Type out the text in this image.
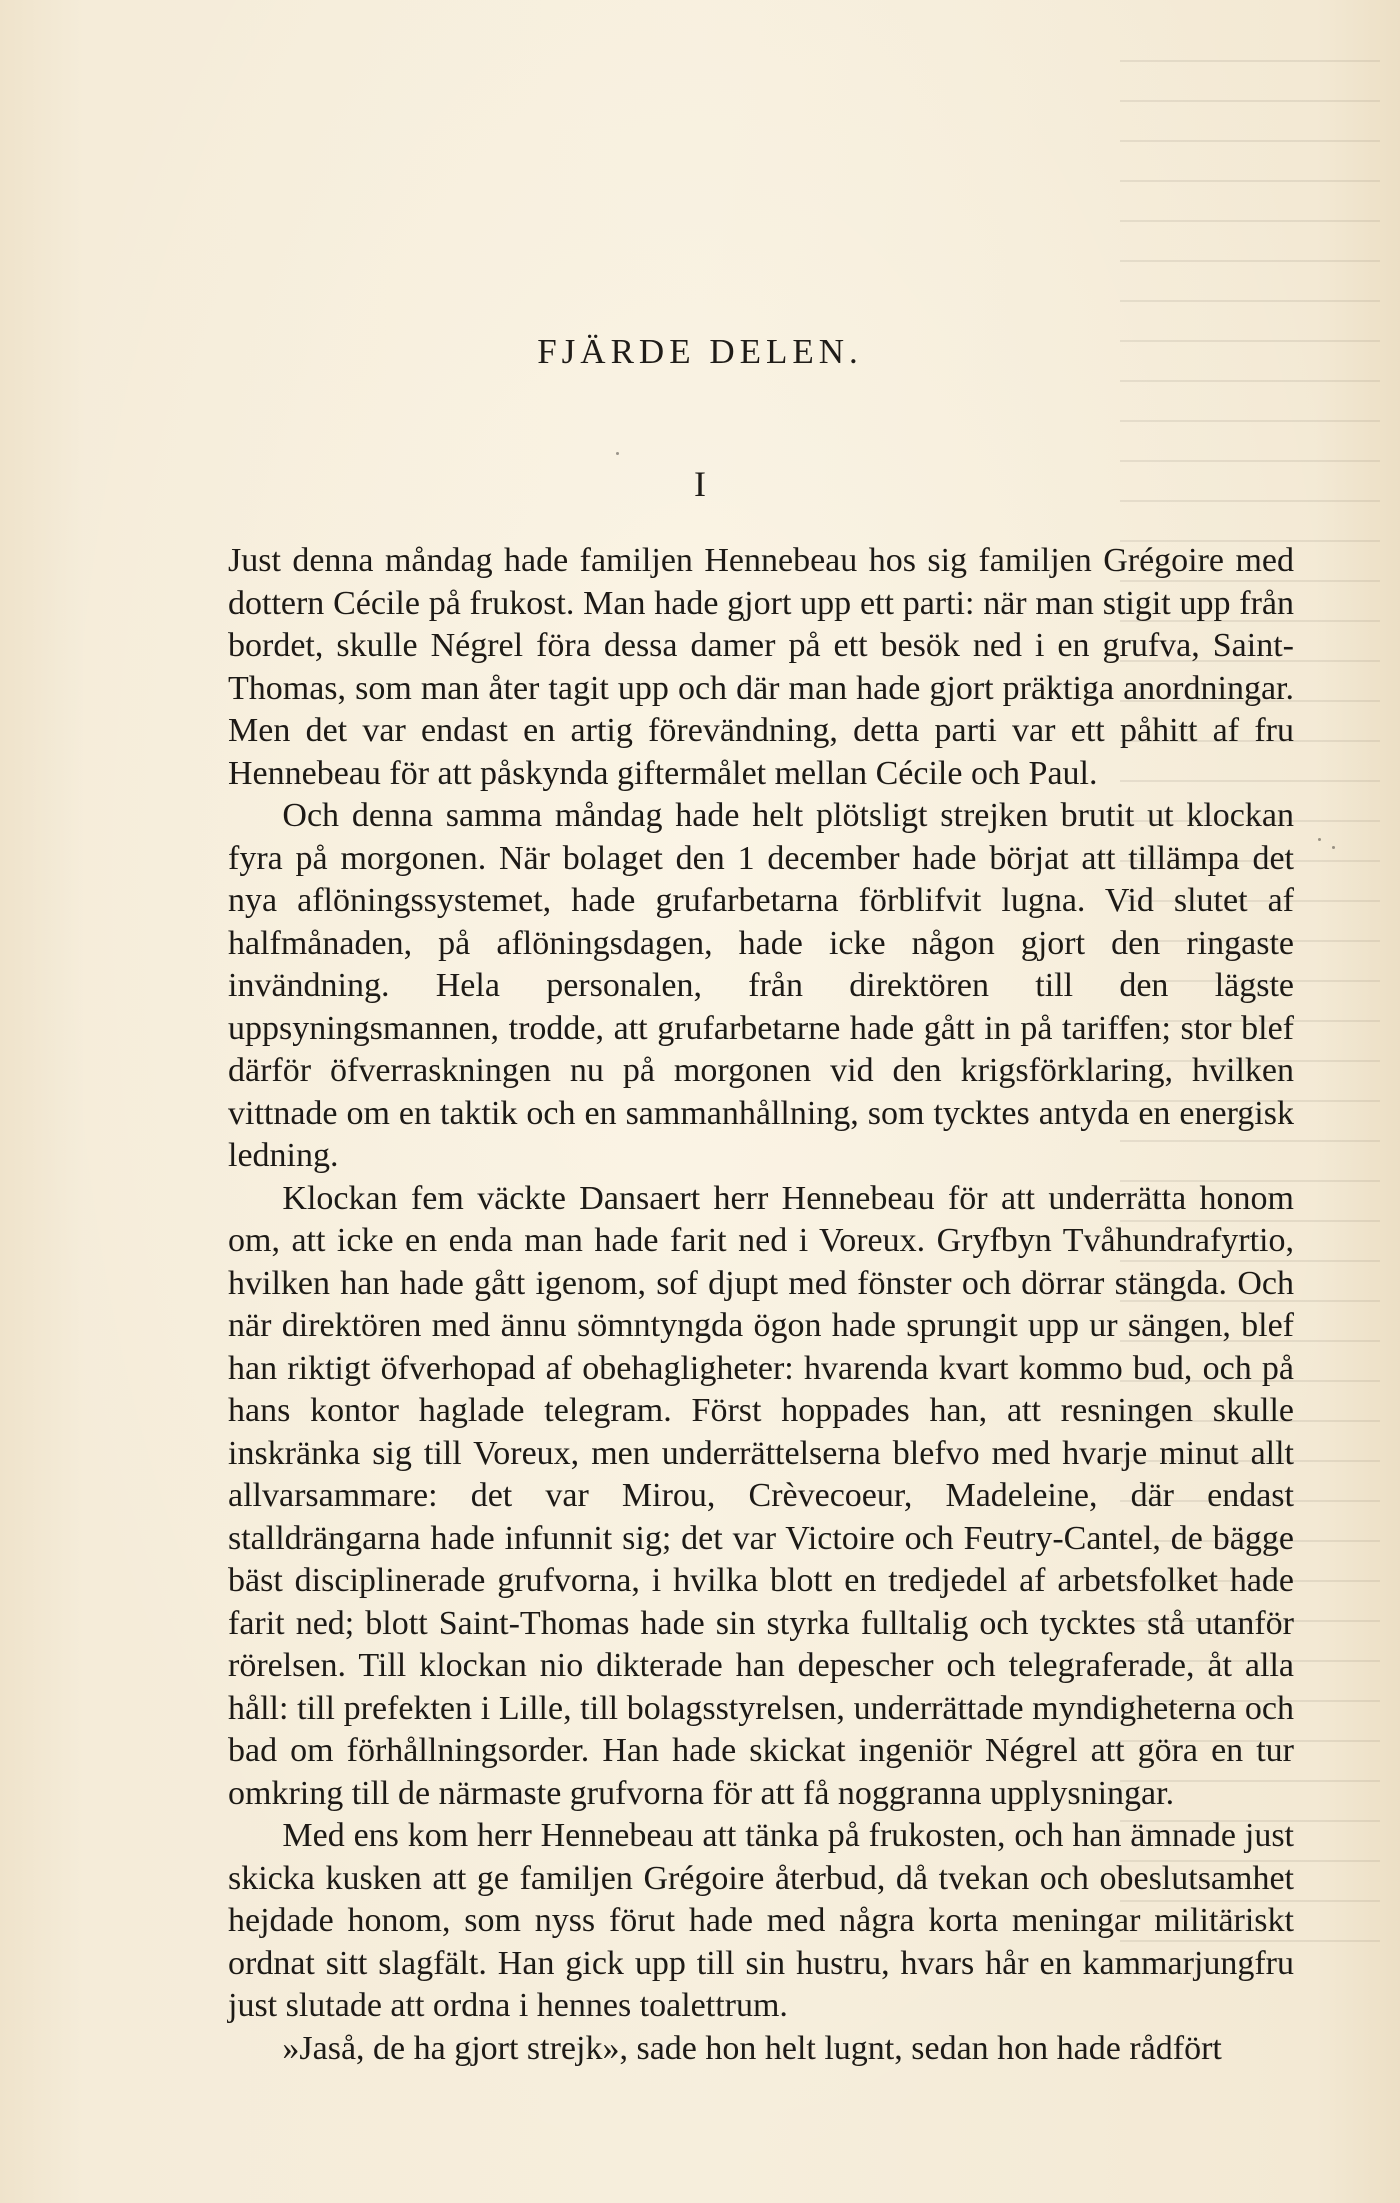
FJÄRDE DELEN.
I

Just denna måndag hade familjen Hennebeau hos sig familjen Grégoire med dottern Cécile på frukost. Man hade gjort upp ett parti: när man stigit upp från bordet, skulle Négrel föra dessa damer på ett besök ned i en grufva, Saint-Thomas, som man åter tagit upp och där man hade gjort präktiga anordningar. Men det var endast en artig förevändning, detta parti var ett påhitt af fru Hennebeau för att påskynda giftermålet mellan Cécile och Paul.

Och denna samma måndag hade helt plötsligt strejken brutit ut klockan fyra på morgonen. När bolaget den 1 december hade börjat att tillämpa det nya aflöningssystemet, hade grufarbetarna förblifvit lugna. Vid slutet af halfmånaden, på aflöningsdagen, hade icke någon gjort den ringaste invändning. Hela personalen, från direktören till den lägste uppsyningsmannen, trodde, att grufarbetarne hade gått in på tariffen; stor blef därför öfverraskningen nu på morgonen vid den krigsförklaring, hvilken vittnade om en taktik och en sammanhållning, som tycktes antyda en energisk ledning.

Klockan fem väckte Dansaert herr Hennebeau för att underrätta honom om, att icke en enda man hade farit ned i Voreux. Gryfbyn Tvåhundrafyrtio, hvilken han hade gått igenom, sof djupt med fönster och dörrar stängda. Och när direktören med ännu sömntyngda ögon hade sprungit upp ur sängen, blef han riktigt öfverhopad af obehagligheter: hvarenda kvart kommo bud, och på hans kontor haglade telegram. Först hoppades han, att resningen skulle inskränka sig till Voreux, men underrättelserna blefvo med hvarje minut allt allvarsammare: det var Mirou, Crèvecoeur, Madeleine, där endast stalldrängarna hade infunnit sig; det var Victoire och Feutry-Cantel, de bägge bäst disciplinerade grufvorna, i hvilka blott en tredjedel af arbetsfolket hade farit ned; blott Saint-Thomas hade sin styrka fulltalig och tycktes stå utanför rörelsen. Till klockan nio dikterade han depescher och telegraferade, åt alla håll: till prefekten i Lille, till bolagsstyrelsen, underrättade myndigheterna och bad om förhållningsorder. Han hade skickat ingeniör Négrel att göra en tur omkring till de närmaste grufvorna för att få noggranna upplysningar.

Med ens kom herr Hennebeau att tänka på frukosten, och han ämnade just skicka kusken att ge familjen Grégoire återbud, då tvekan och obeslutsamhet hejdade honom, som nyss förut hade med några korta meningar militäriskt ordnat sitt slagfält. Han gick upp till sin hustru, hvars hår en kammarjungfru just slutade att ordna i hennes toalettrum.

»Jaså, de ha gjort strejk», sade hon helt lugnt, sedan hon hade rådfört
